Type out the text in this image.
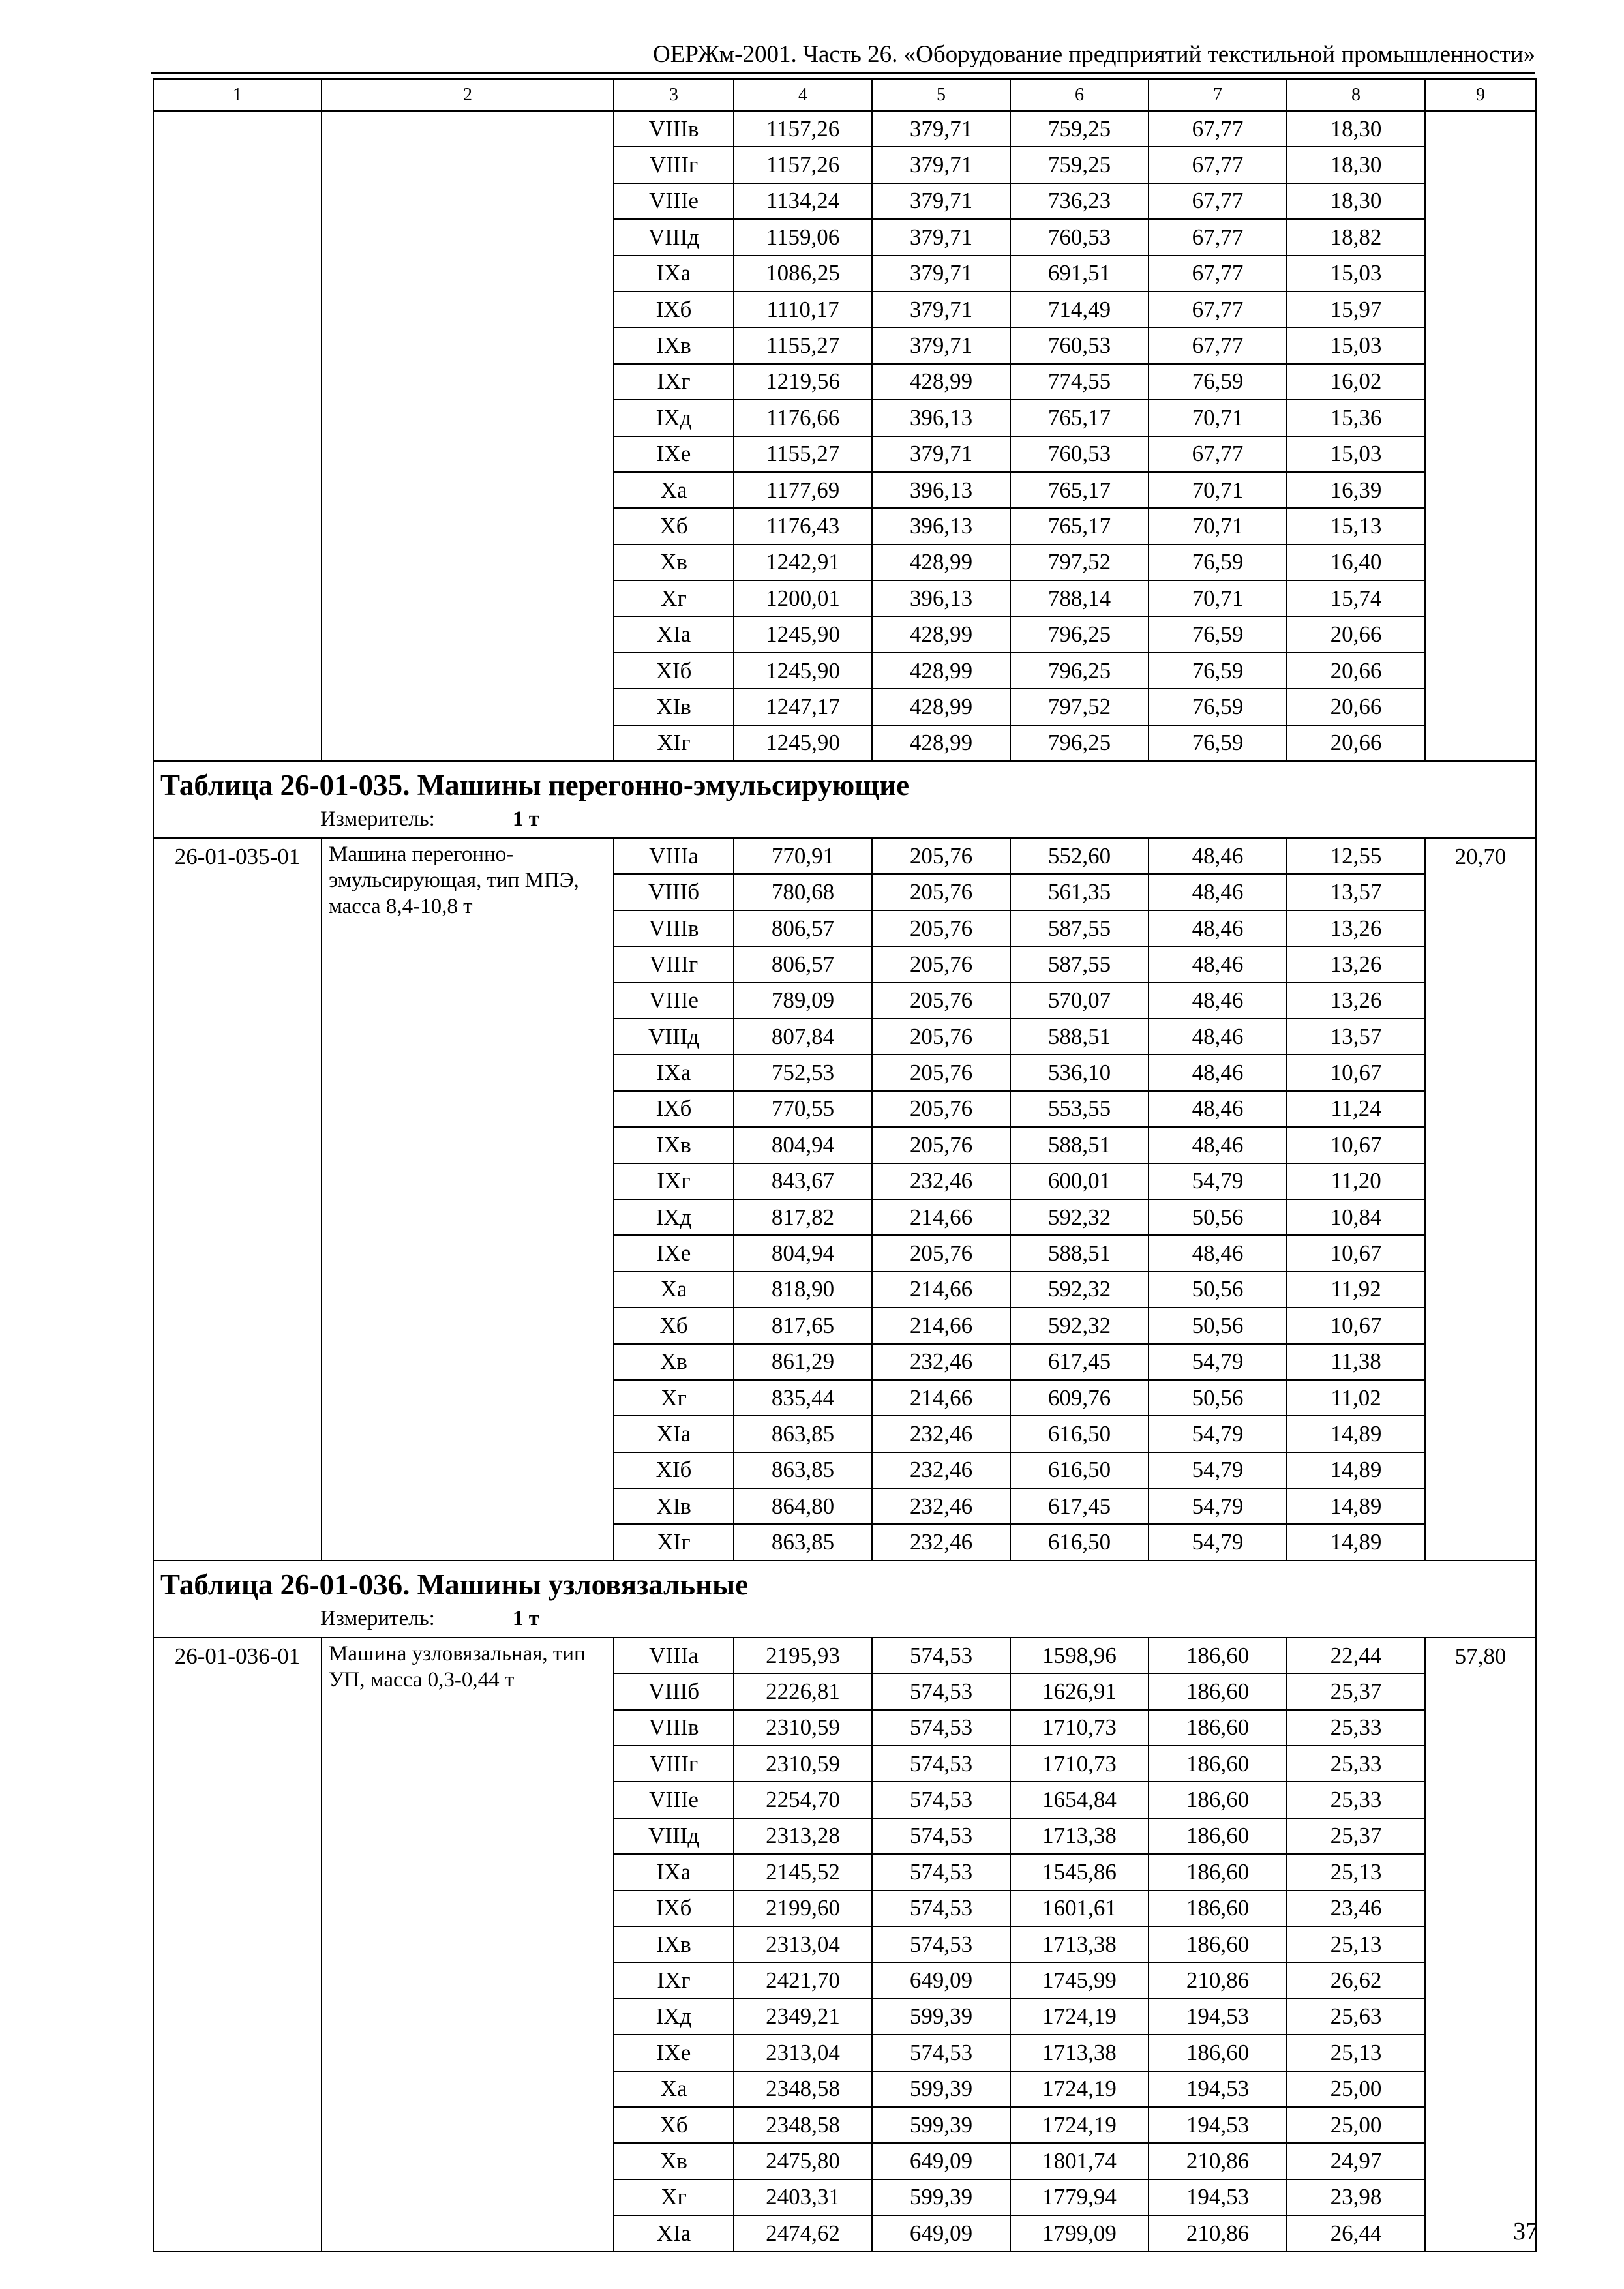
ОЕРЖм-2001. Часть 26. «Оборудование предприятий текстильной промышленности»
1	2	3	4	5	6	7	8	9
		VIIIв	1157,26	379,71	759,25	67,77	18,30	
		VIIIг	1157,26	379,71	759,25	67,77	18,30	
		VIIIе	1134,24	379,71	736,23	67,77	18,30	
		VIIIд	1159,06	379,71	760,53	67,77	18,82	
		IXа	1086,25	379,71	691,51	67,77	15,03	
		IXб	1110,17	379,71	714,49	67,77	15,97	
		IXв	1155,27	379,71	760,53	67,77	15,03	
		IXг	1219,56	428,99	774,55	76,59	16,02	
		IXд	1176,66	396,13	765,17	70,71	15,36	
		IXе	1155,27	379,71	760,53	67,77	15,03	
		Xа	1177,69	396,13	765,17	70,71	16,39	
		Xб	1176,43	396,13	765,17	70,71	15,13	
		Xв	1242,91	428,99	797,52	76,59	16,40	
		Xг	1200,01	396,13	788,14	70,71	15,74	
		XIа	1245,90	428,99	796,25	76,59	20,66	
		XIб	1245,90	428,99	796,25	76,59	20,66	
		XIв	1247,17	428,99	797,52	76,59	20,66	
		XIг	1245,90	428,99	796,25	76,59	20,66	

Таблица 26-01-035. Машины перегонно-эмульсирующие
Измеритель: 1 т								

26-01-035-01	Машина перегонно-эмульсирующая, тип МПЭ, масса 8,4-10,8 т	VIIIа	770,91	205,76	552,60	48,46	12,55	20,70
		VIIIб	780,68	205,76	561,35	48,46	13,57	
		VIIIв	806,57	205,76	587,55	48,46	13,26	
		VIIIг	806,57	205,76	587,55	48,46	13,26	
		VIIIе	789,09	205,76	570,07	48,46	13,26	
		VIIIд	807,84	205,76	588,51	48,46	13,57	
		IXа	752,53	205,76	536,10	48,46	10,67	
		IXб	770,55	205,76	553,55	48,46	11,24	
		IXв	804,94	205,76	588,51	48,46	10,67	
		IXг	843,67	232,46	600,01	54,79	11,20	
		IXд	817,82	214,66	592,32	50,56	10,84	
		IXе	804,94	205,76	588,51	48,46	10,67	
		Xа	818,90	214,66	592,32	50,56	11,92	
		Xб	817,65	214,66	592,32	50,56	10,67	
		Xв	861,29	232,46	617,45	54,79	11,38	
		Xг	835,44	214,66	609,76	50,56	11,02	
		XIа	863,85	232,46	616,50	54,79	14,89	
		XIб	863,85	232,46	616,50	54,79	14,89	
		XIв	864,80	232,46	617,45	54,79	14,89	
		XIг	863,85	232,46	616,50	54,79	14,89	

Таблица 26-01-036. Машины узловязальные
Измеритель: 1 т								

26-01-036-01	Машина узловязальная, тип УП, масса 0,3-0,44 т	VIIIа	2195,93	574,53	1598,96	186,60	22,44	57,80
		VIIIб	2226,81	574,53	1626,91	186,60	25,37	
		VIIIв	2310,59	574,53	1710,73	186,60	25,33	
		VIIIг	2310,59	574,53	1710,73	186,60	25,33	
		VIIIе	2254,70	574,53	1654,84	186,60	25,33	
		VIIIд	2313,28	574,53	1713,38	186,60	25,37	
		IXа	2145,52	574,53	1545,86	186,60	25,13	
		IXб	2199,60	574,53	1601,61	186,60	23,46	
		IXв	2313,04	574,53	1713,38	186,60	25,13	
		IXг	2421,70	649,09	1745,99	210,86	26,62	
		IXд	2349,21	599,39	1724,19	194,53	25,63	
		IXе	2313,04	574,53	1713,38	186,60	25,13	
		Xа	2348,58	599,39	1724,19	194,53	25,00	
		Xб	2348,58	599,39	1724,19	194,53	25,00	
		Xв	2475,80	649,09	1801,74	210,86	24,97	
		Xг	2403,31	599,39	1779,94	194,53	23,98	
		XIа	2474,62	649,09	1799,09	210,86	26,44		37
